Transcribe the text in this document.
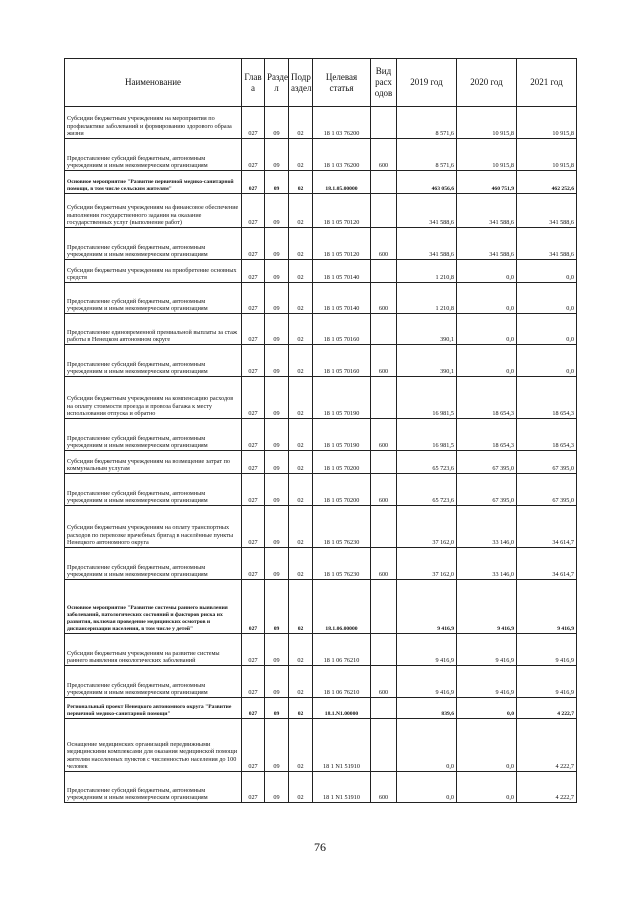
Наименование	Глав а	Разде л	Подр аздел	Целевая статья	Вид расх одов	2019 год	2020 год	2021 год
Субсидии бюджетным учреждениям на мероприятия по профилактике заболеваний и формированию здорового образа жизни	027	09	02	18 1 03 76200		8 571,6	10 915,8	10 915,8
Предоставление субсидий бюджетным, автономным учреждениям и иным некоммерческим организациям	027	09	02	18 1 03 76200	600	8 571,6	10 915,8	10 915,8
Основное мероприятие "Развитие первичной медико-санитарной помощи, в том числе сельским жителям"	027	09	02	18.1.05.00000		463 056,6	460 751,9	462 252,6
Субсидии бюджетным учреждениям на финансовое обеспечение выполнения государственного задания на оказание государственных услуг (выполнение работ)	027	09	02	18 1 05 70120		341 588,6	341 588,6	341 588,6
Предоставление субсидий бюджетным, автономным учреждениям и иным некоммерческим организациям	027	09	02	18 1 05 70120	600	341 588,6	341 588,6	341 588,6
Субсидии бюджетным учреждениям на приобретение основных средств	027	09	02	18 1 05 70140		1 210,8	0,0	0,0
Предоставление субсидий бюджетным, автономным учреждениям и иным некоммерческим организациям	027	09	02	18 1 05 70140	600	1 210,8	0,0	0,0
Предоставление единовременной премиальной выплаты за стаж работы в Ненецком автономном округе	027	09	02	18 1 05 70160		390,1	0,0	0,0
Предоставление субсидий бюджетным, автономным учреждениям и иным некоммерческим организациям	027	09	02	18 1 05 70160	600	390,1	0,0	0,0
Субсидии бюджетным учреждениям на компенсацию расходов на оплату стоимости проезда и провоза багажа к месту использования отпуска и обратно	027	09	02	18 1 05 70190		16 981,5	18 654,3	18 654,3
Предоставление субсидий бюджетным, автономным учреждениям и иным некоммерческим организациям	027	09	02	18 1 05 70190	600	16 981,5	18 654,3	18 654,3
Субсидии бюджетным учреждениям на возмещение затрат по коммунальным услугам	027	09	02	18 1 05 70200		65 723,6	67 395,0	67 395,0
Предоставление субсидий бюджетным, автономным учреждениям и иным некоммерческим организациям	027	09	02	18 1 05 70200	600	65 723,6	67 395,0	67 395,0
Субсидии бюджетным учреждениям на оплату транспортных расходов по перевозке врачебных бригад в населённые пункты Ненецкого автономного округа	027	09	02	18 1 05 76230		37 162,0	33 146,0	34 614,7
Предоставление субсидий бюджетным, автономным учреждениям и иным некоммерческим организациям	027	09	02	18 1 05 76230	600	37 162,0	33 146,0	34 614,7
Основное мероприятие "Развитие системы раннего выявления заболеваний, патологических состояний и факторов риска их развития, включая проведение медицинских осмотров и диспансеризации населения, в том числе у детей"	027	09	02	18.1.06.00000		9 416,9	9 416,9	9 416,9
Субсидии бюджетным учреждениям на развитие системы раннего выявления онкологических заболеваний	027	09	02	18 1 06 76210		9 416,9	9 416,9	9 416,9
Предоставление субсидий бюджетным, автономным учреждениям и иным некоммерческим организациям	027	09	02	18 1 06 76210	600	9 416,9	9 416,9	9 416,9
Региональный проект Ненецкого автономного округа "Развитие первичной медико-санитарной помощи"	027	09	02	18.1.N1.00000		839,6	0,0	4 222,7
Оснащение медицинских организаций передвижными медицинскими комплексами для оказания медицинской помощи жителям населенных пунктов с численностью населения до 100 человек	027	09	02	18 1 N1 51910		0,0	0,0	4 222,7
Предоставление субсидий бюджетным, автономным учреждениям и иным некоммерческим организациям	027	09	02	18 1 N1 51910	600	0,0	0,0	4 222,7
76
